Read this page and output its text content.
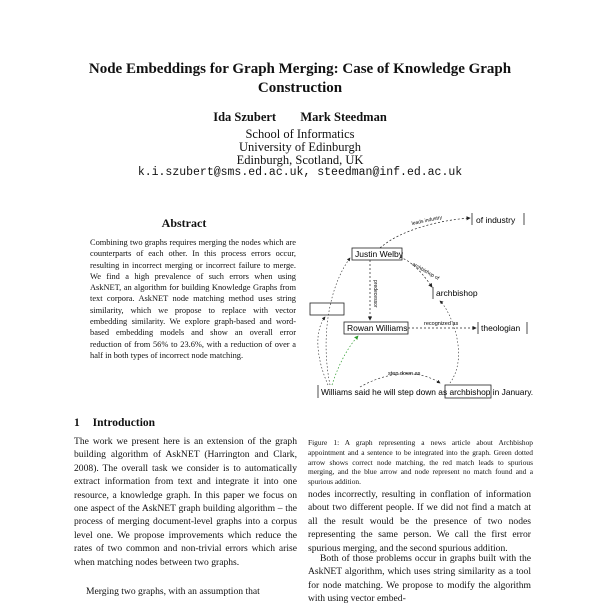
Node Embeddings for Graph Merging: Case of Knowledge Graph
Construction
Ida Szubert Mark Steedman
School of Informatics
University of Edinburgh
Edinburgh, Scotland, UK
k.i.szubert@sms.ed.ac.uk, steedman@inf.ed.ac.uk
Abstract

Combining two graphs requires merging the nodes which are counterparts of each other. In this process errors occur, resulting in incorrect merging or incorrect failure to merge. We find a high prevalence of such errors when using AskNET, an algorithm for building Knowledge Graphs from text corpora. AskNET node matching method uses string similarity, which we propose to replace with vector embedding similarity. We explore graph-based and word-based embedding models and show an overall error reduction of from 56% to 23.6%, with a reduction of over a half in both types of incorrect node matching.

1 Introduction

The work we present here is an extension of the graph building algorithm of AskNET (Harrington and Clark, 2008). The overall task we consider is to automatically extract information from text and integrate it into one resource, a knowledge graph. In this paper we focus on one aspect of the AskNET graph building algorithm – the process of merging document-level graphs into a corpus level one. We propose improvements which reduce the rates of two common and non-trivial errors which arise when matching nodes between two graphs.

Merging two graphs, with an assumption that

of industry
Justin Welby
leads industry
archbishop of
archbishop
predecessor
Rowan Williams	recognized as	theologian
step down as
Williams said he will step down as archbishop in January.

Figure 1: A graph representing a news article about Archbishop appointment and a sentence to be integrated into the graph. Green dotted arrow shows correct node matching, the red match leads to spurious merging, and the blue arrow and node represent no match found and a spurious addition.

nodes incorrectly, resulting in conflation of information about two different people. If we did not find a match at all the result would be the presence of two nodes representing the same person. We call the first error spurious merging, and the second spurious addition.

Both of those problems occur in graphs built with the AskNET algorithm, which uses string similarity as a tool for node matching. We propose to modify the algorithm with using vector embed-
